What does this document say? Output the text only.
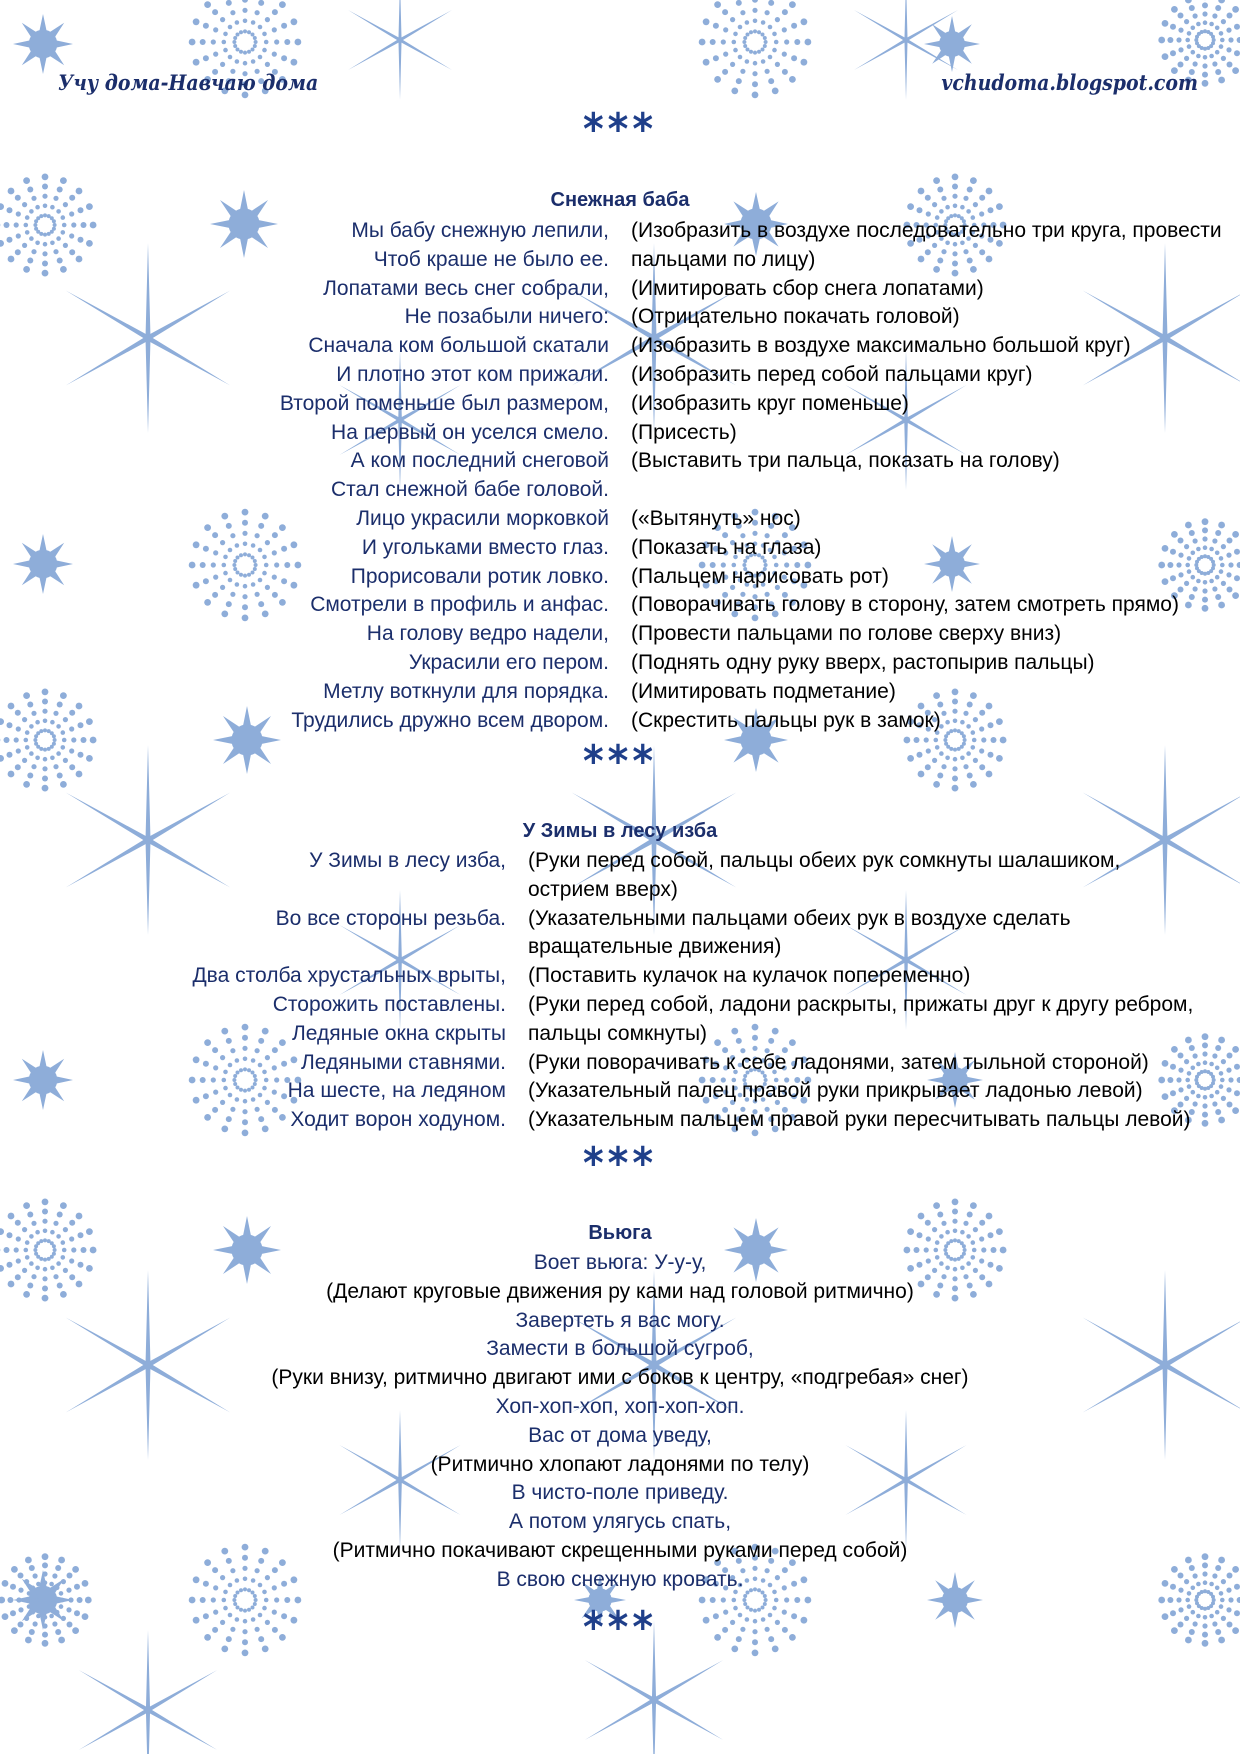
Учу дома-Навчаю дома	vchudoma.blogspot.com
***
Снежная баба
Мы бабу снежную лепили, (Изобразить в воздухе последовательно три круга, провести
Чтоб краше не было ее. пальцами по лицу)
Лопатами весь снег собрали, (Имитировать сбор снега лопатами)
Не позабыли ничего: (Отрицательно покачать головой)
Сначала ком большой скатали (Изобразить в воздухе максимально большой круг)
И плотно этот ком прижали. (Изобразить перед собой пальцами круг)
Второй поменьше был размером, (Изобразить круг поменьше)
На первый он уселся смело. (Присесть)
А ком последний снеговой (Выставить три пальца, показать на голову)
Стал снежной бабе головой.
Лицо украсили морковкой («Вытянуть» нос)
И угольками вместо глаз. (Показать на глаза)
Прорисовали ротик ловко. (Пальцем нарисовать рот)
Смотрели в профиль и анфас. (Поворачивать голову в сторону, затем смотреть прямо)
На голову ведро надели, (Провести пальцами по голове сверху вниз)
Украсили его пером. (Поднять одну руку вверх, растопырив пальцы)
Метлу воткнули для порядка. (Имитировать подметание)
Трудились дружно всем двором. (Скрестить пальцы рук в замок)
***
У Зимы в лесу изба
У Зимы в лесу изба, (Руки перед собой, пальцы обеих рук сомкнуты шалашиком,
острием вверх)
Во все стороны резьба. (Указательными пальцами обеих рук в воздухе сделать
вращательные движения)
Два столба хрустальных врыты, (Поставить кулачок на кулачок попеременно)
Сторожить поставлены. (Руки перед собой, ладони раскрыты, прижаты друг к другу ребром,
Ледяные окна скрыты пальцы сомкнуты)
Ледяными ставнями. (Руки поворачивать к себе ладонями, затем тыльной стороной)
На шесте, на ледяном (Указательный палец правой руки прикрывает ладонью левой)
Ходит ворон ходуном. (Указательным пальцем правой руки пересчитывать пальцы левой)
***
Вьюга
Воет вьюга: У-у-у,
(Делают круговые движения ру ками над головой ритмично)
Завертеть я вас могу.
Замести в большой сугроб,
(Руки внизу, ритмично двигают ими с боков к центру, «подгребая» снег)
Хоп-хоп-хоп, хоп-хоп-хоп.
Вас от дома уведу,
(Ритмично хлопают ладонями по телу)
В чисто-поле приведу.
А потом улягусь спать,
(Ритмично покачивают скрещенными руками перед собой)
В свою снежную кровать.
***
